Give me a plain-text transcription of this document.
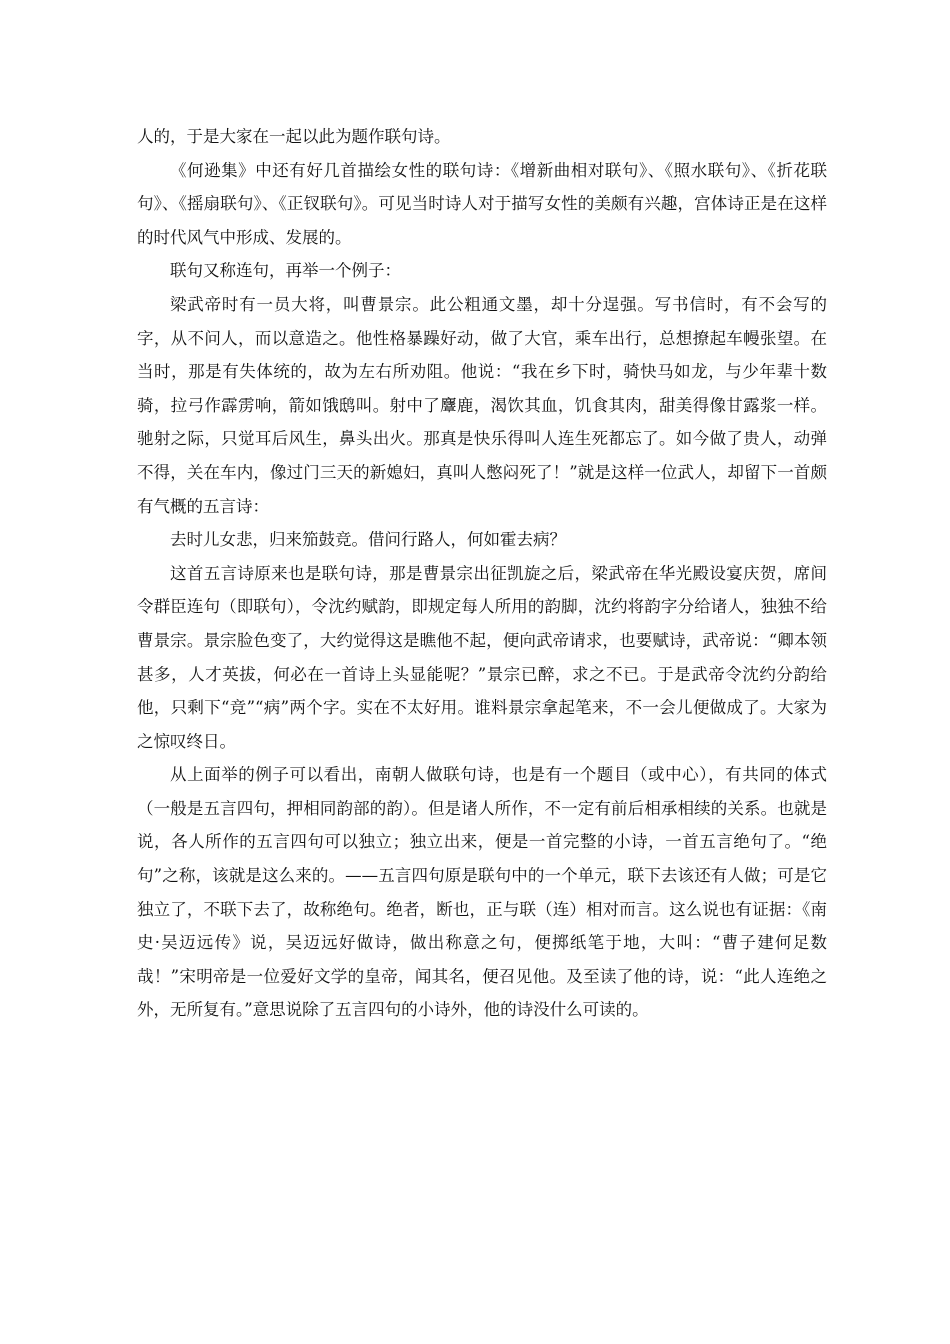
人的，于是大家在一起以此为题作联句诗。

《何逊集》中还有好几首描绘女性的联句诗：《增新曲相对联句》、《照水联句》、《折花联句》、《摇扇联句》、《正钗联句》。可见当时诗人对于描写女性的美颇有兴趣，宫体诗正是在这样的时代风气中形成、发展的。

联句又称连句，再举一个例子：

梁武帝时有一员大将，叫曹景宗。此公粗通文墨，却十分逞强。写书信时，有不会写的字，从不问人，而以意造之。他性格暴躁好动，做了大官，乘车出行，总想撩起车幔张望。在当时，那是有失体统的，故为左右所劝阻。他说：“我在乡下时，骑快马如龙，与少年辈十数骑，拉弓作霹雳响，箭如饿鸱叫。射中了麞鹿，渴饮其血，饥食其肉，甜美得像甘露浆一样。驰射之际，只觉耳后风生，鼻头出火。那真是快乐得叫人连生死都忘了。如今做了贵人，动弹不得，关在车内，像过门三天的新媳妇，真叫人憋闷死了！”就是这样一位武人，却留下一首颇有气概的五言诗：

去时儿女悲，归来笳鼓竞。借问行路人，何如霍去病？

这首五言诗原来也是联句诗，那是曹景宗出征凯旋之后，梁武帝在华光殿设宴庆贺，席间令群臣连句（即联句），令沈约赋韵，即规定每人所用的韵脚，沈约将韵字分给诸人，独独不给曹景宗。景宗脸色变了，大约觉得这是瞧他不起，便向武帝请求，也要赋诗，武帝说：“卿本领甚多，人才英拔，何必在一首诗上头显能呢？”景宗已醉，求之不已。于是武帝令沈约分韵给他，只剩下“竞”“病”两个字。实在不太好用。谁料景宗拿起笔来，不一会儿便做成了。大家为之惊叹终日。

从上面举的例子可以看出，南朝人做联句诗，也是有一个题目（或中心），有共同的体式（一般是五言四句，押相同韵部的韵）。但是诸人所作，不一定有前后相承相续的关系。也就是说，各人所作的五言四句可以独立；独立出来，便是一首完整的小诗，一首五言绝句了。“绝句”之称，该就是这么来的。——五言四句原是联句中的一个单元，联下去该还有人做；可是它独立了，不联下去了，故称绝句。绝者，断也，正与联（连）相对而言。这么说也有证据：《南史·吴迈远传》说，吴迈远好做诗，做出称意之句，便掷纸笔于地，大叫：“曹子建何足数哉！”宋明帝是一位爱好文学的皇帝，闻其名，便召见他。及至读了他的诗，说：“此人连绝之外，无所复有。”意思说除了五言四句的小诗外，他的诗没什么可读的。
